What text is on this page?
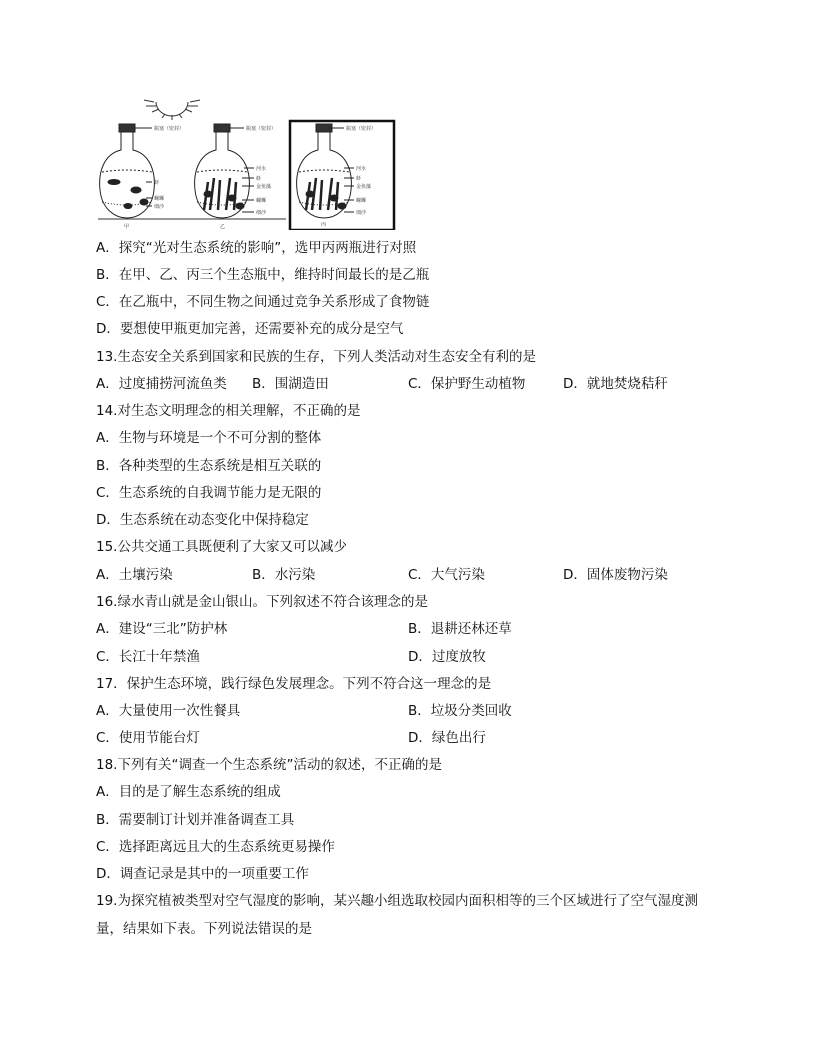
瓶塞（密封）
虾
螺蛳
细沙
瓶塞（密封）
河水
虾
金鱼藻
螺蛳
细沙
瓶塞（密封）
河水
虾
金鱼藻
螺蛳
细沙
甲	乙	丙
A．探究“光对生态系统的影响”，选甲丙两瓶进行对照
B．在甲、乙、丙三个生态瓶中，维持时间最长的是乙瓶
C．在乙瓶中，不同生物之间通过竞争关系形成了食物链
D．要想使甲瓶更加完善，还需要补充的成分是空气
13.生态安全关系到国家和民族的生存，下列人类活动对生态安全有利的是
A．过度捕捞河流鱼类 B．围湖造田	C．保护野生动植物	D．就地焚烧秸秆
14.对生态文明理念的相关理解，不正确的是
A．生物与环境是一个不可分割的整体
B．各种类型的生态系统是相互关联的
C．生态系统的自我调节能力是无限的
D．生态系统在动态变化中保持稳定
15.公共交通工具既便利了大家又可以减少
A．土壤污染	B．水污染	C．大气污染	D．固体废物污染
16.绿水青山就是金山银山。下列叙述不符合该理念的是
A．建设“三北”防护林	B．退耕还林还草
C．长江十年禁渔	D．过度放牧
17．保护生态环境，践行绿色发展理念。下列不符合这一理念的是
A．大量使用一次性餐具	B．垃圾分类回收
C．使用节能台灯	D．绿色出行
18.下列有关“调查一个生态系统”活动的叙述，不正确的是
A．目的是了解生态系统的组成
B．需要制订计划并准备调查工具
C．选择距离远且大的生态系统更易操作
D．调查记录是其中的一项重要工作
19.为探究植被类型对空气湿度的影响，某兴趣小组选取校园内面积相等的三个区域进行了空气湿度测
量，结果如下表。下列说法错误的是
